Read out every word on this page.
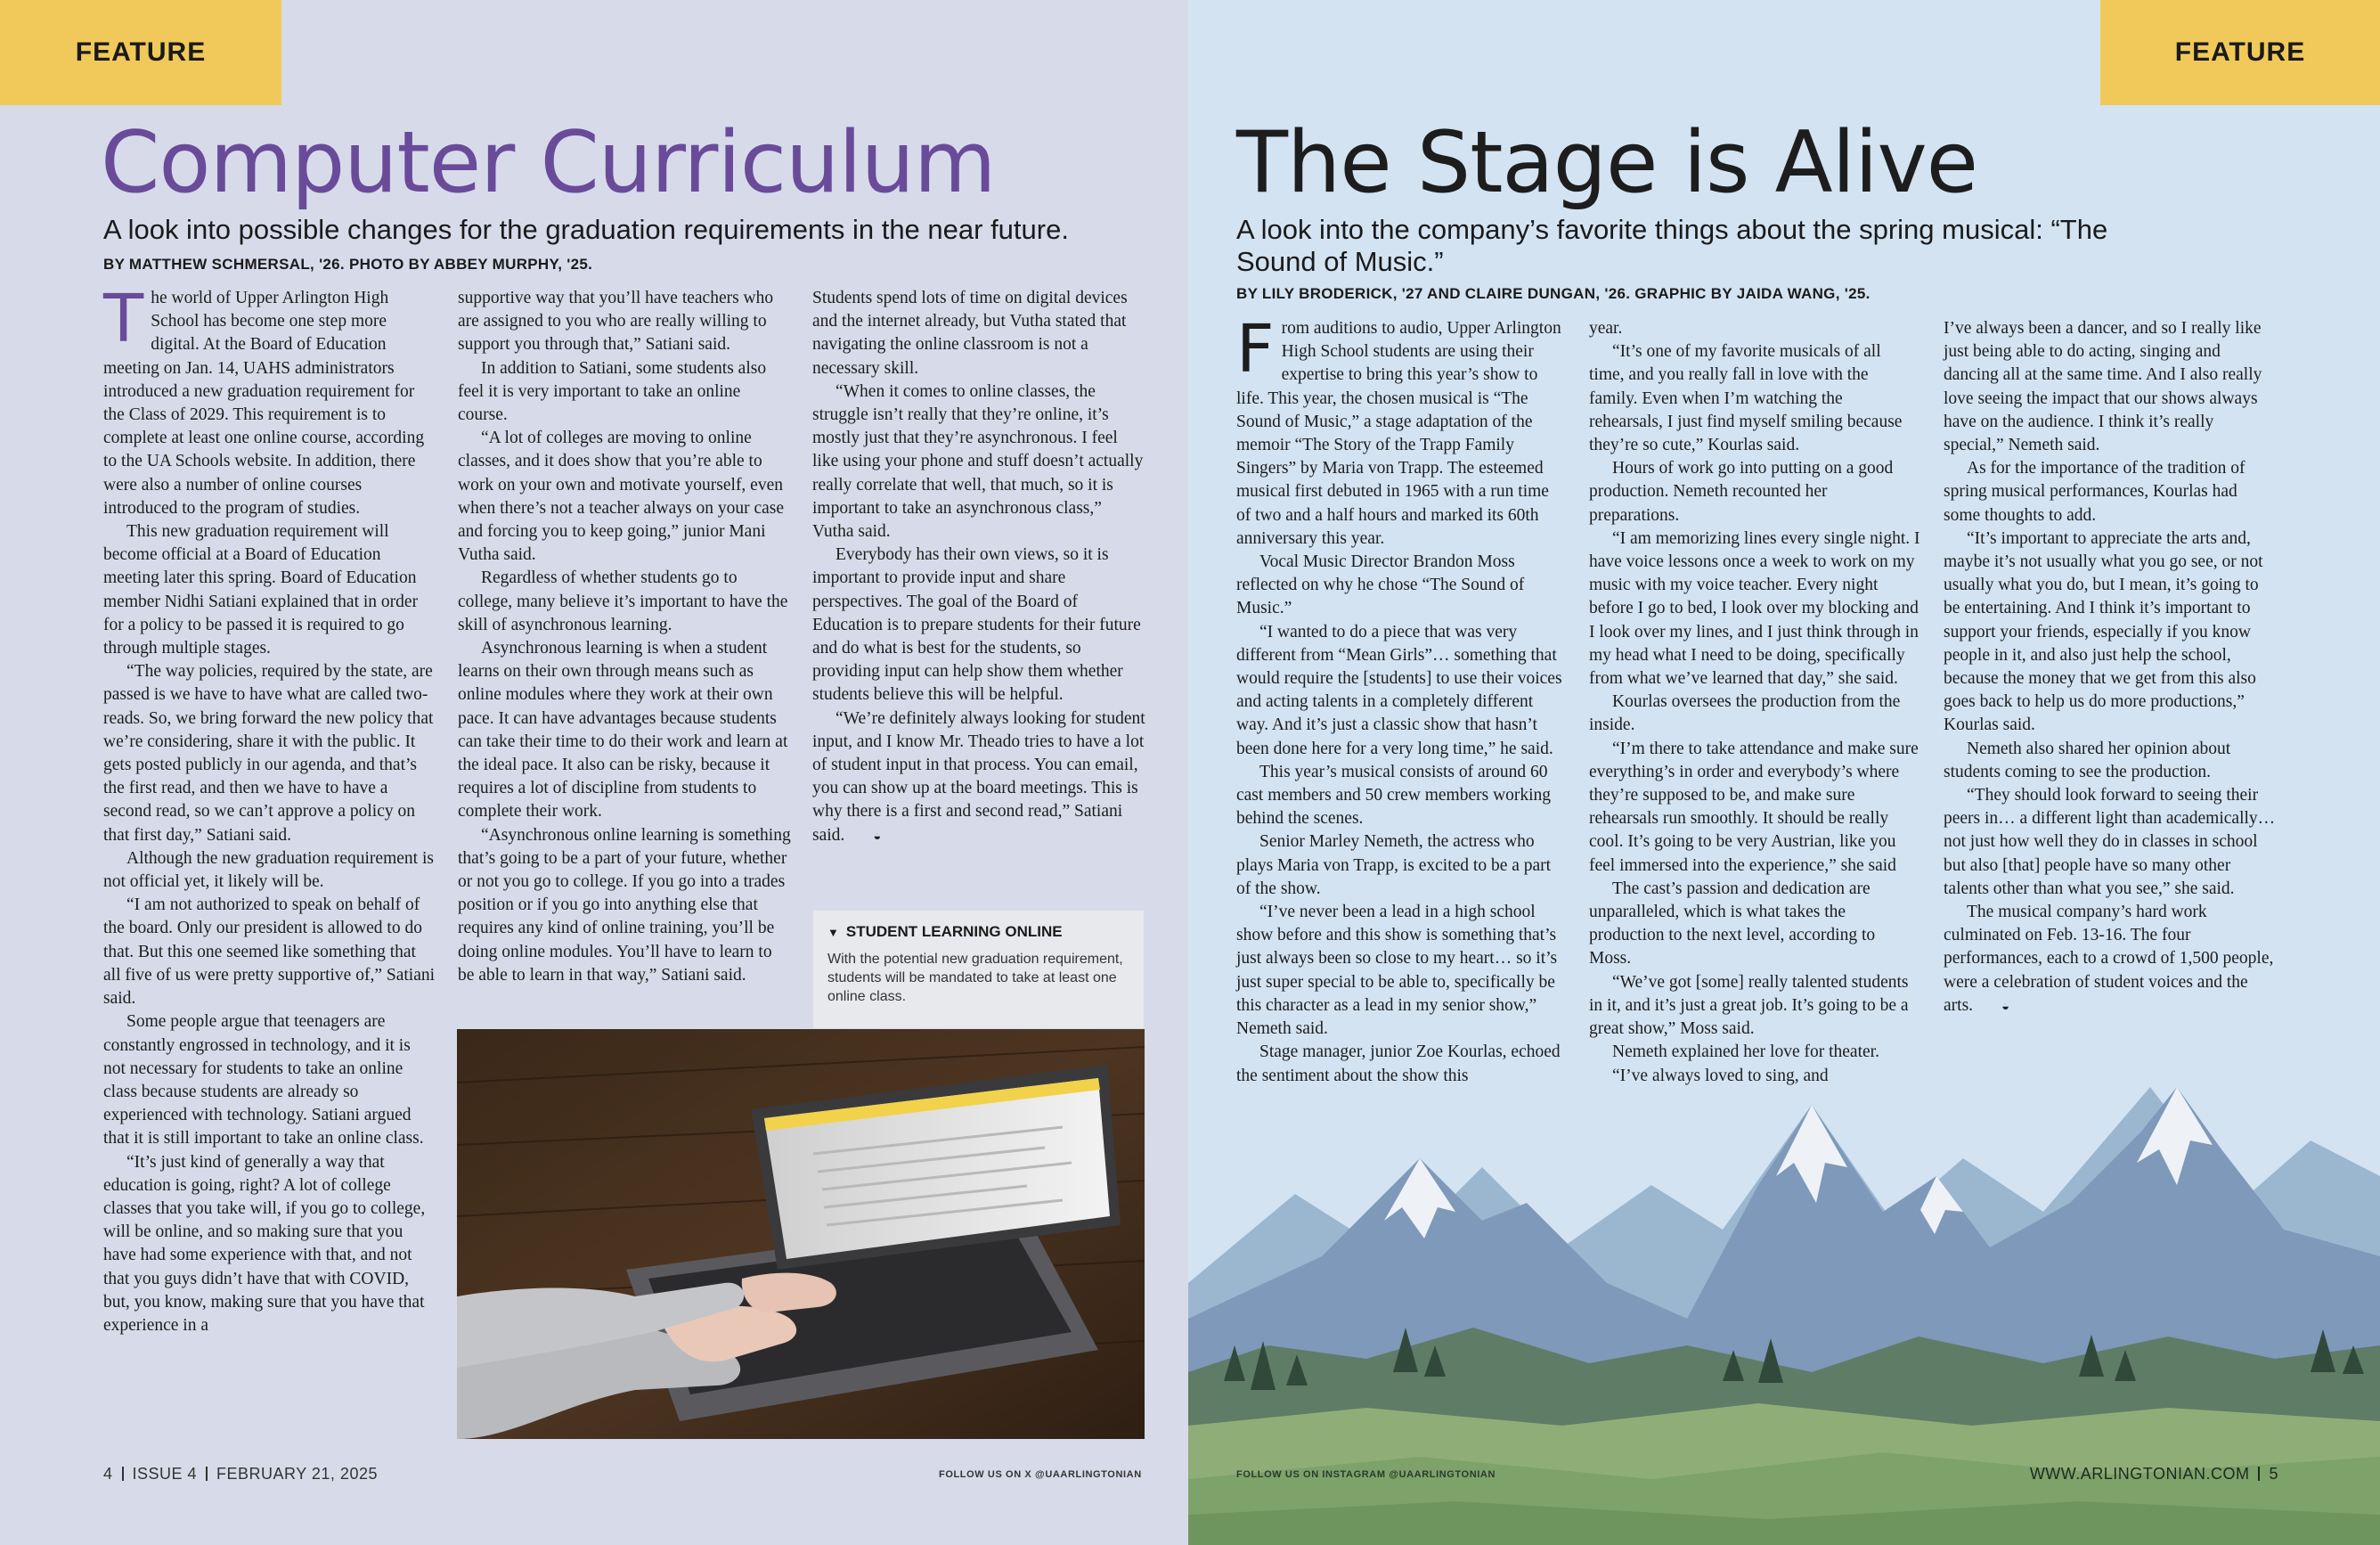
FEATURE
Computer Curriculum
A look into possible changes for the graduation requirements in the near future.
BY MATTHEW SCHMERSAL, '26. PHOTO BY ABBEY MURPHY, '25.

The world of Upper Arlington High School has become one step more digital. At the Board of Education meeting on Jan. 14, UAHS administrators introduced a new graduation requirement for the Class of 2029. This requirement is to complete at least one online course, according to the UA Schools website. In addition, there were also a number of online courses introduced to the program of studies.

This new graduation requirement will become official at a Board of Education meeting later this spring. Board of Education member Nidhi Satiani explained that in order for a policy to be passed it is required to go through multiple stages.

“The way policies, required by the state, are passed is we have to have what are called two-reads. So, we bring forward the new policy that we’re considering, share it with the public. It gets posted publicly in our agenda, and that’s the first read, and then we have to have a second read, so we can’t approve a policy on that first day,” Satiani said.

Although the new graduation requirement is not official yet, it likely will be.

“I am not authorized to speak on behalf of the board. Only our president is allowed to do that. But this one seemed like something that all five of us were pretty supportive of,” Satiani said.

Some people argue that teenagers are constantly engrossed in technology, and it is not necessary for students to take an online class because students are already so experienced with technology. Satiani argued that it is still important to take an online class.

“It’s just kind of generally a way that education is going, right? A lot of college classes that you take will, if you go to college, will be online, and so making sure that you have had some experience with that, and not that you guys didn’t have that with COVID, but, you know, making sure that you have that experience in a

supportive way that you’ll have teachers who are assigned to you who are really willing to support you through that,” Satiani said.

In addition to Satiani, some students also feel it is very important to take an online course.

“A lot of colleges are moving to online classes, and it does show that you’re able to work on your own and motivate yourself, even when there’s not a teacher always on your case and forcing you to keep going,” junior Mani Vutha said.

Regardless of whether students go to college, many believe it’s important to have the skill of asynchronous learning.

Asynchronous learning is when a student learns on their own through means such as online modules where they work at their own pace. It can have advantages because students can take their time to do their work and learn at the ideal pace. It also can be risky, because it requires a lot of discipline from students to complete their work.

“Asynchronous online learning is something that’s going to be a part of your future, whether or not you go to college. If you go into a trades position or if you go into anything else that requires any kind of online training, you’ll be doing online modules. You’ll have to learn to be able to learn in that way,” Satiani said.

Students spend lots of time on digital devices and the internet already, but Vutha stated that navigating the online classroom is not a necessary skill.

“When it comes to online classes, the struggle isn’t really that they’re online, it’s mostly just that they’re asynchronous. I feel like using your phone and stuff doesn’t actually really correlate that well, that much, so it is important to take an asynchronous class,” Vutha said.

Everybody has their own views, so it is important to provide input and share perspectives. The goal of the Board of Education is to prepare students for their future and do what is best for the students, so providing input can help show them whether students believe this will be helpful.

“We’re definitely always looking for student input, and I know Mr. Theado tries to have a lot of student input in that process. You can email, you can show up at the board meetings. This is why there is a first and second read,” Satiani said. ◒

▼ STUDENT LEARNING ONLINE
With the potential new graduation requirement, students will be mandated to take at least one online class.
4 ISSUE 4 FEBRUARY 21, 2025	FOLLOW US ON X @UAARLINGTONIAN
FEATURE
The Stage is Alive
A look into the company’s favorite things about the spring musical: “The Sound of Music.”
BY LILY BRODERICK, '27 AND CLAIRE DUNGAN, '26. GRAPHIC BY JAIDA WANG, '25.

From auditions to audio, Upper Arlington High School students are using their expertise to bring this year’s show to life. This year, the chosen musical is “The Sound of Music,” a stage adaptation of the memoir “The Story of the Trapp Family Singers” by Maria von Trapp. The esteemed musical first debuted in 1965 with a run time of two and a half hours and marked its 60th anniversary this year.

Vocal Music Director Brandon Moss reflected on why he chose “The Sound of Music.”

“I wanted to do a piece that was very different from “Mean Girls”… something that would require the [students] to use their voices and acting talents in a completely different way. And it’s just a classic show that hasn’t been done here for a very long time,” he said.

This year’s musical consists of around 60 cast members and 50 crew members working behind the scenes.

Senior Marley Nemeth, the actress who plays Maria von Trapp, is excited to be a part of the show.

“I’ve never been a lead in a high school show before and this show is something that’s just always been so close to my heart… so it’s just super special to be able to, specifically be this character as a lead in my senior show,” Nemeth said.

Stage manager, junior Zoe Kourlas, echoed the sentiment about the show this

year.

“It’s one of my favorite musicals of all time, and you really fall in love with the family. Even when I’m watching the rehearsals, I just find myself smiling because they’re so cute,” Kourlas said.

Hours of work go into putting on a good production. Nemeth recounted her preparations.

“I am memorizing lines every single night. I have voice lessons once a week to work on my music with my voice teacher. Every night before I go to bed, I look over my blocking and I look over my lines, and I just think through in my head what I need to be doing, specifically from what we’ve learned that day,” she said.

Kourlas oversees the production from the inside.

“I’m there to take attendance and make sure everything’s in order and everybody’s where they’re supposed to be, and make sure rehearsals run smoothly. It should be really cool. It’s going to be very Austrian, like you feel immersed into the experience,” she said

The cast’s passion and dedication are unparalleled, which is what takes the production to the next level, according to Moss.

“We’ve got [some] really talented students in it, and it’s just a great job. It’s going to be a great show,” Moss said.

Nemeth explained her love for theater.

“I’ve always loved to sing, and

I’ve always been a dancer, and so I really like just being able to do acting, singing and dancing all at the same time. And I also really love seeing the impact that our shows always have on the audience. I think it’s really special,” Nemeth said.

As for the importance of the tradition of spring musical performances, Kourlas had some thoughts to add.

“It’s important to appreciate the arts and, maybe it’s not usually what you go see, or not usually what you do, but I mean, it’s going to be entertaining. And I think it’s important to support your friends, especially if you know people in it, and also just help the school, because the money that we get from this also goes back to help us do more productions,” Kourlas said.

Nemeth also shared her opinion about students coming to see the production.

“They should look forward to seeing their peers in… a different light than academically… not just how well they do in classes in school but also [that] people have so many other talents other than what you see,” she said.

The musical company’s hard work culminated on Feb. 13-16. The four performances, each to a crowd of 1,500 people, were a celebration of student voices and the arts. ◒

FOLLOW US ON INSTAGRAM @UAARLINGTONIAN	WWW.ARLINGTONIAN.COM 5
